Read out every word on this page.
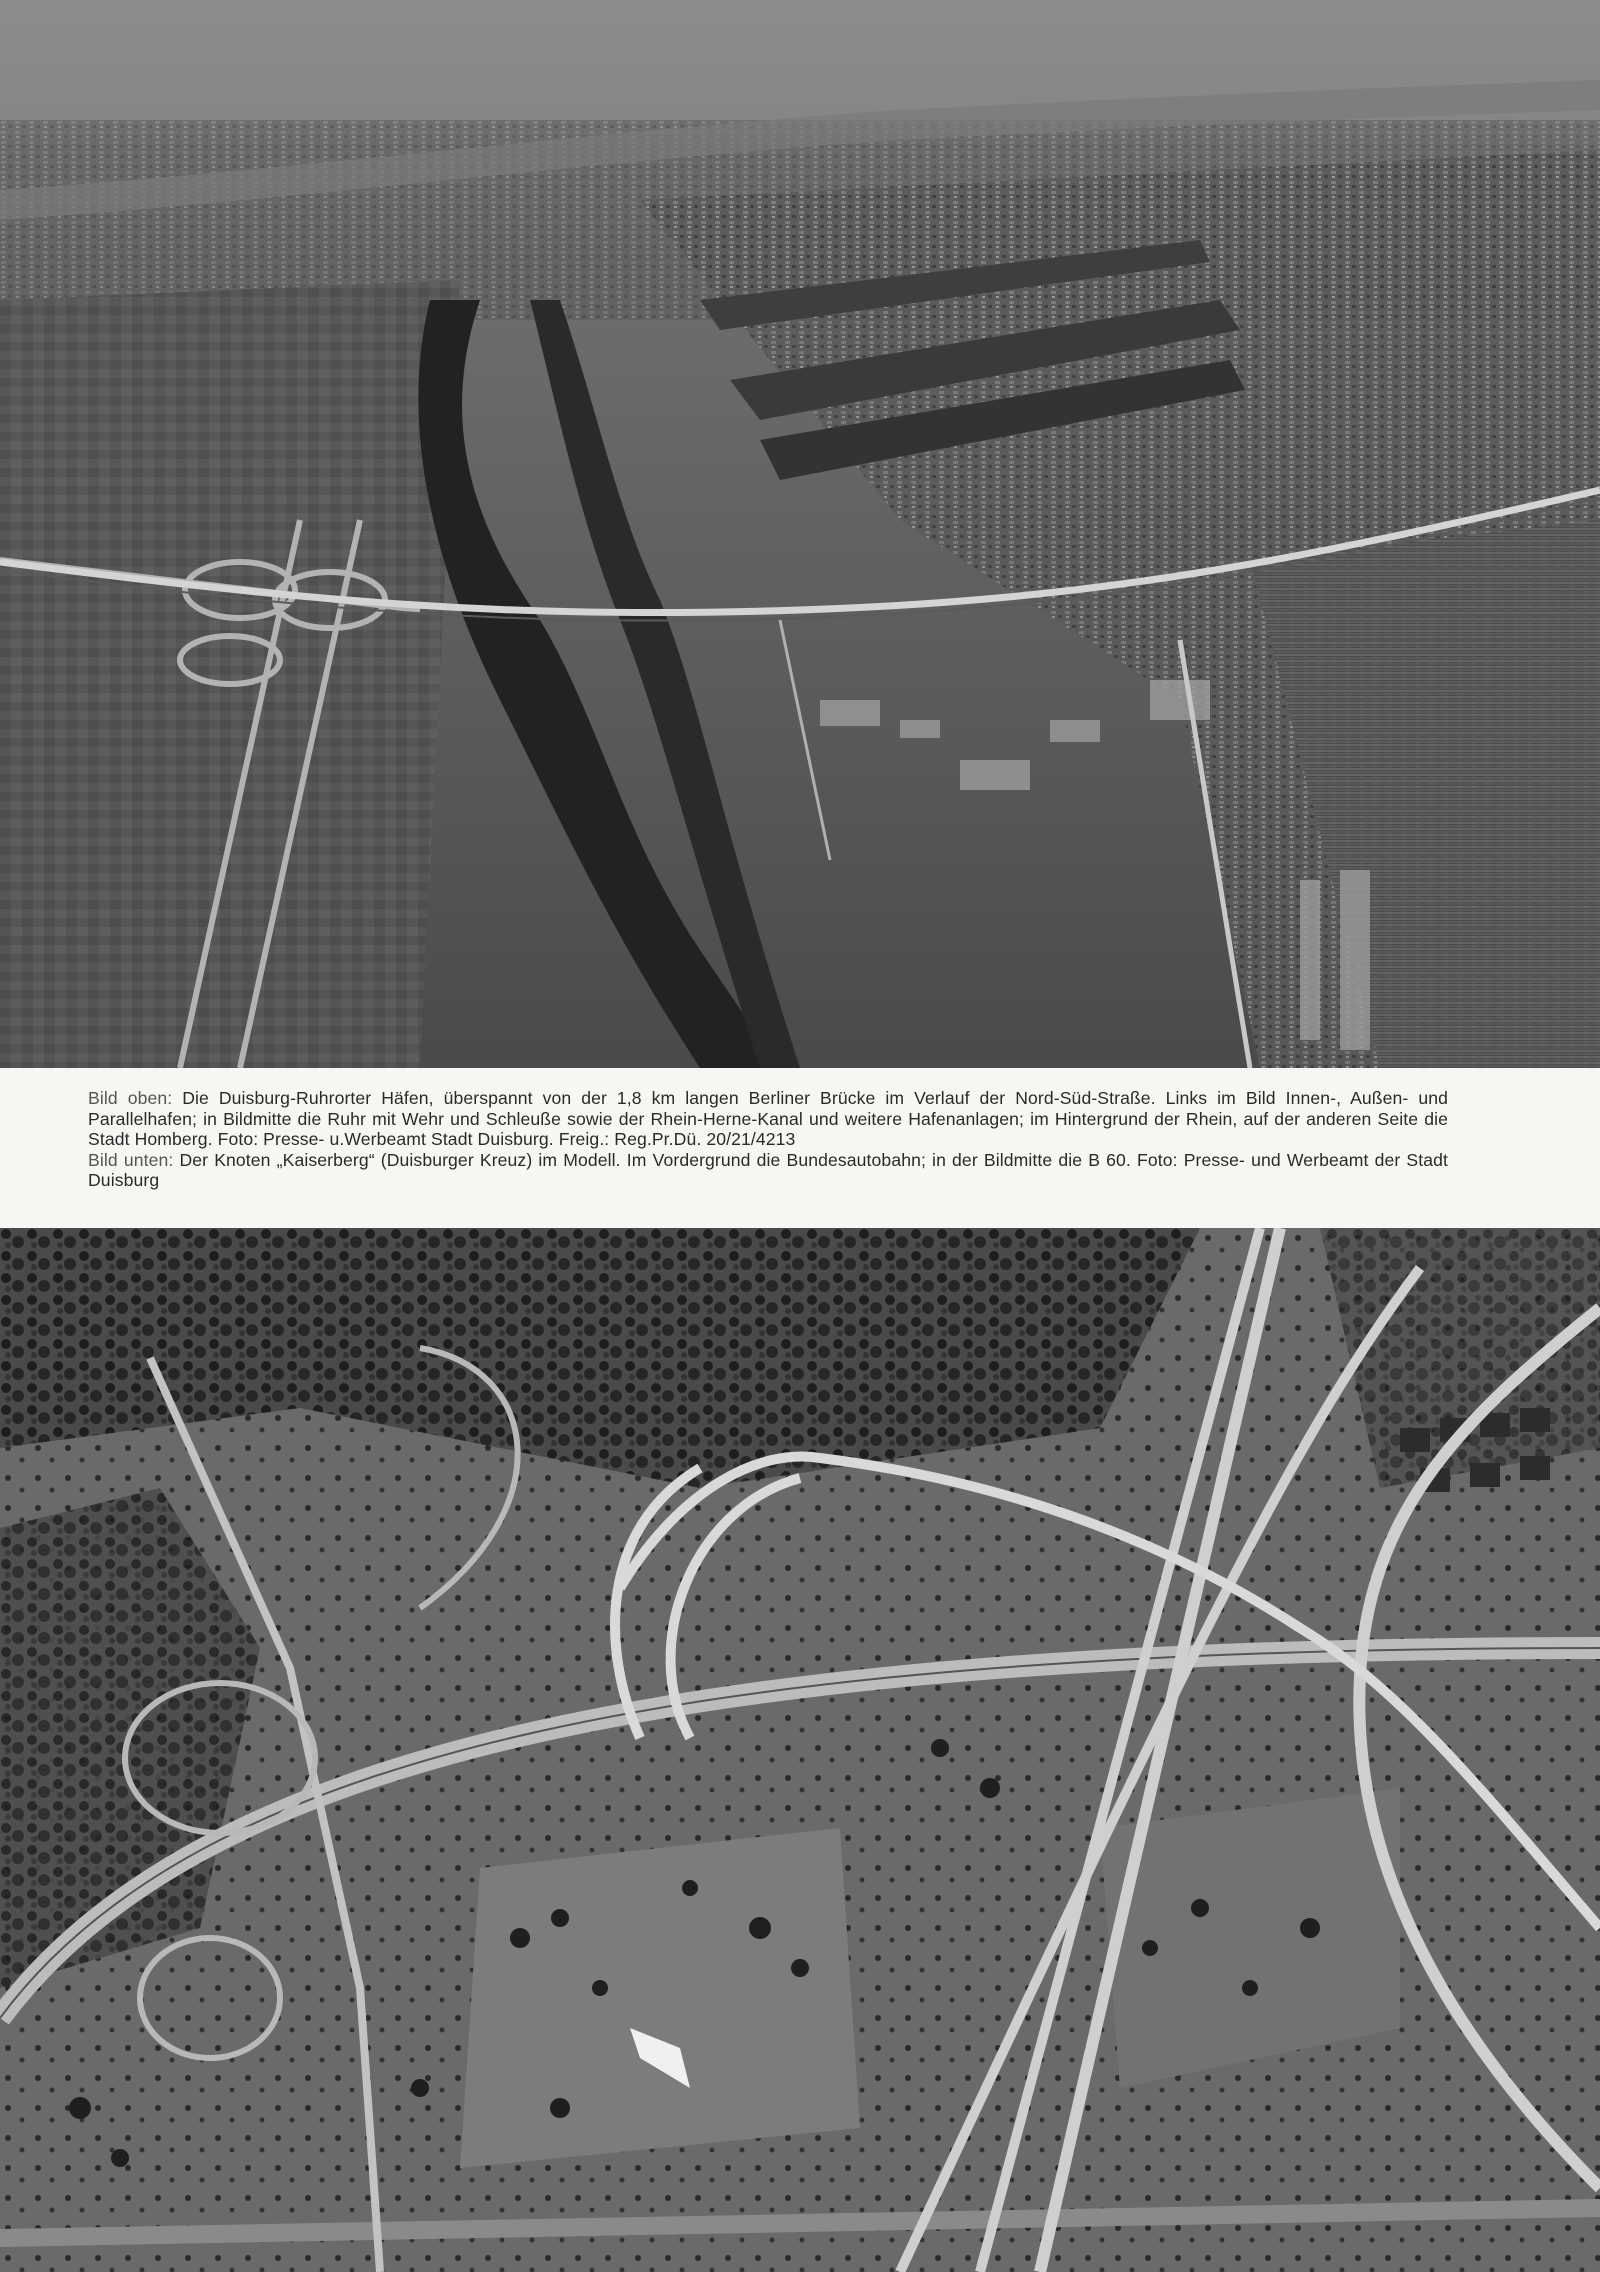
Bild oben: Die Duisburg-Ruhrorter Häfen, überspannt von der 1,8 km langen Berliner Brücke im Verlauf der Nord-Süd-Straße. Links im Bild Innen-, Außen- und Parallelhafen; in Bildmitte die Ruhr mit Wehr und Schleuße sowie der Rhein-Herne-Kanal und weitere Hafenanlagen; im Hintergrund der Rhein, auf der anderen Seite die Stadt Homberg. Foto: Presse- u.Werbeamt Stadt Duisburg. Freig.: Reg.Pr.Dü. 20/21/4213

Bild unten: Der Knoten „Kaiserberg“ (Duisburger Kreuz) im Modell. Im Vordergrund die Bundesautobahn; in der Bildmitte die B 60. Foto: Presse- und Werbeamt der Stadt Duisburg
